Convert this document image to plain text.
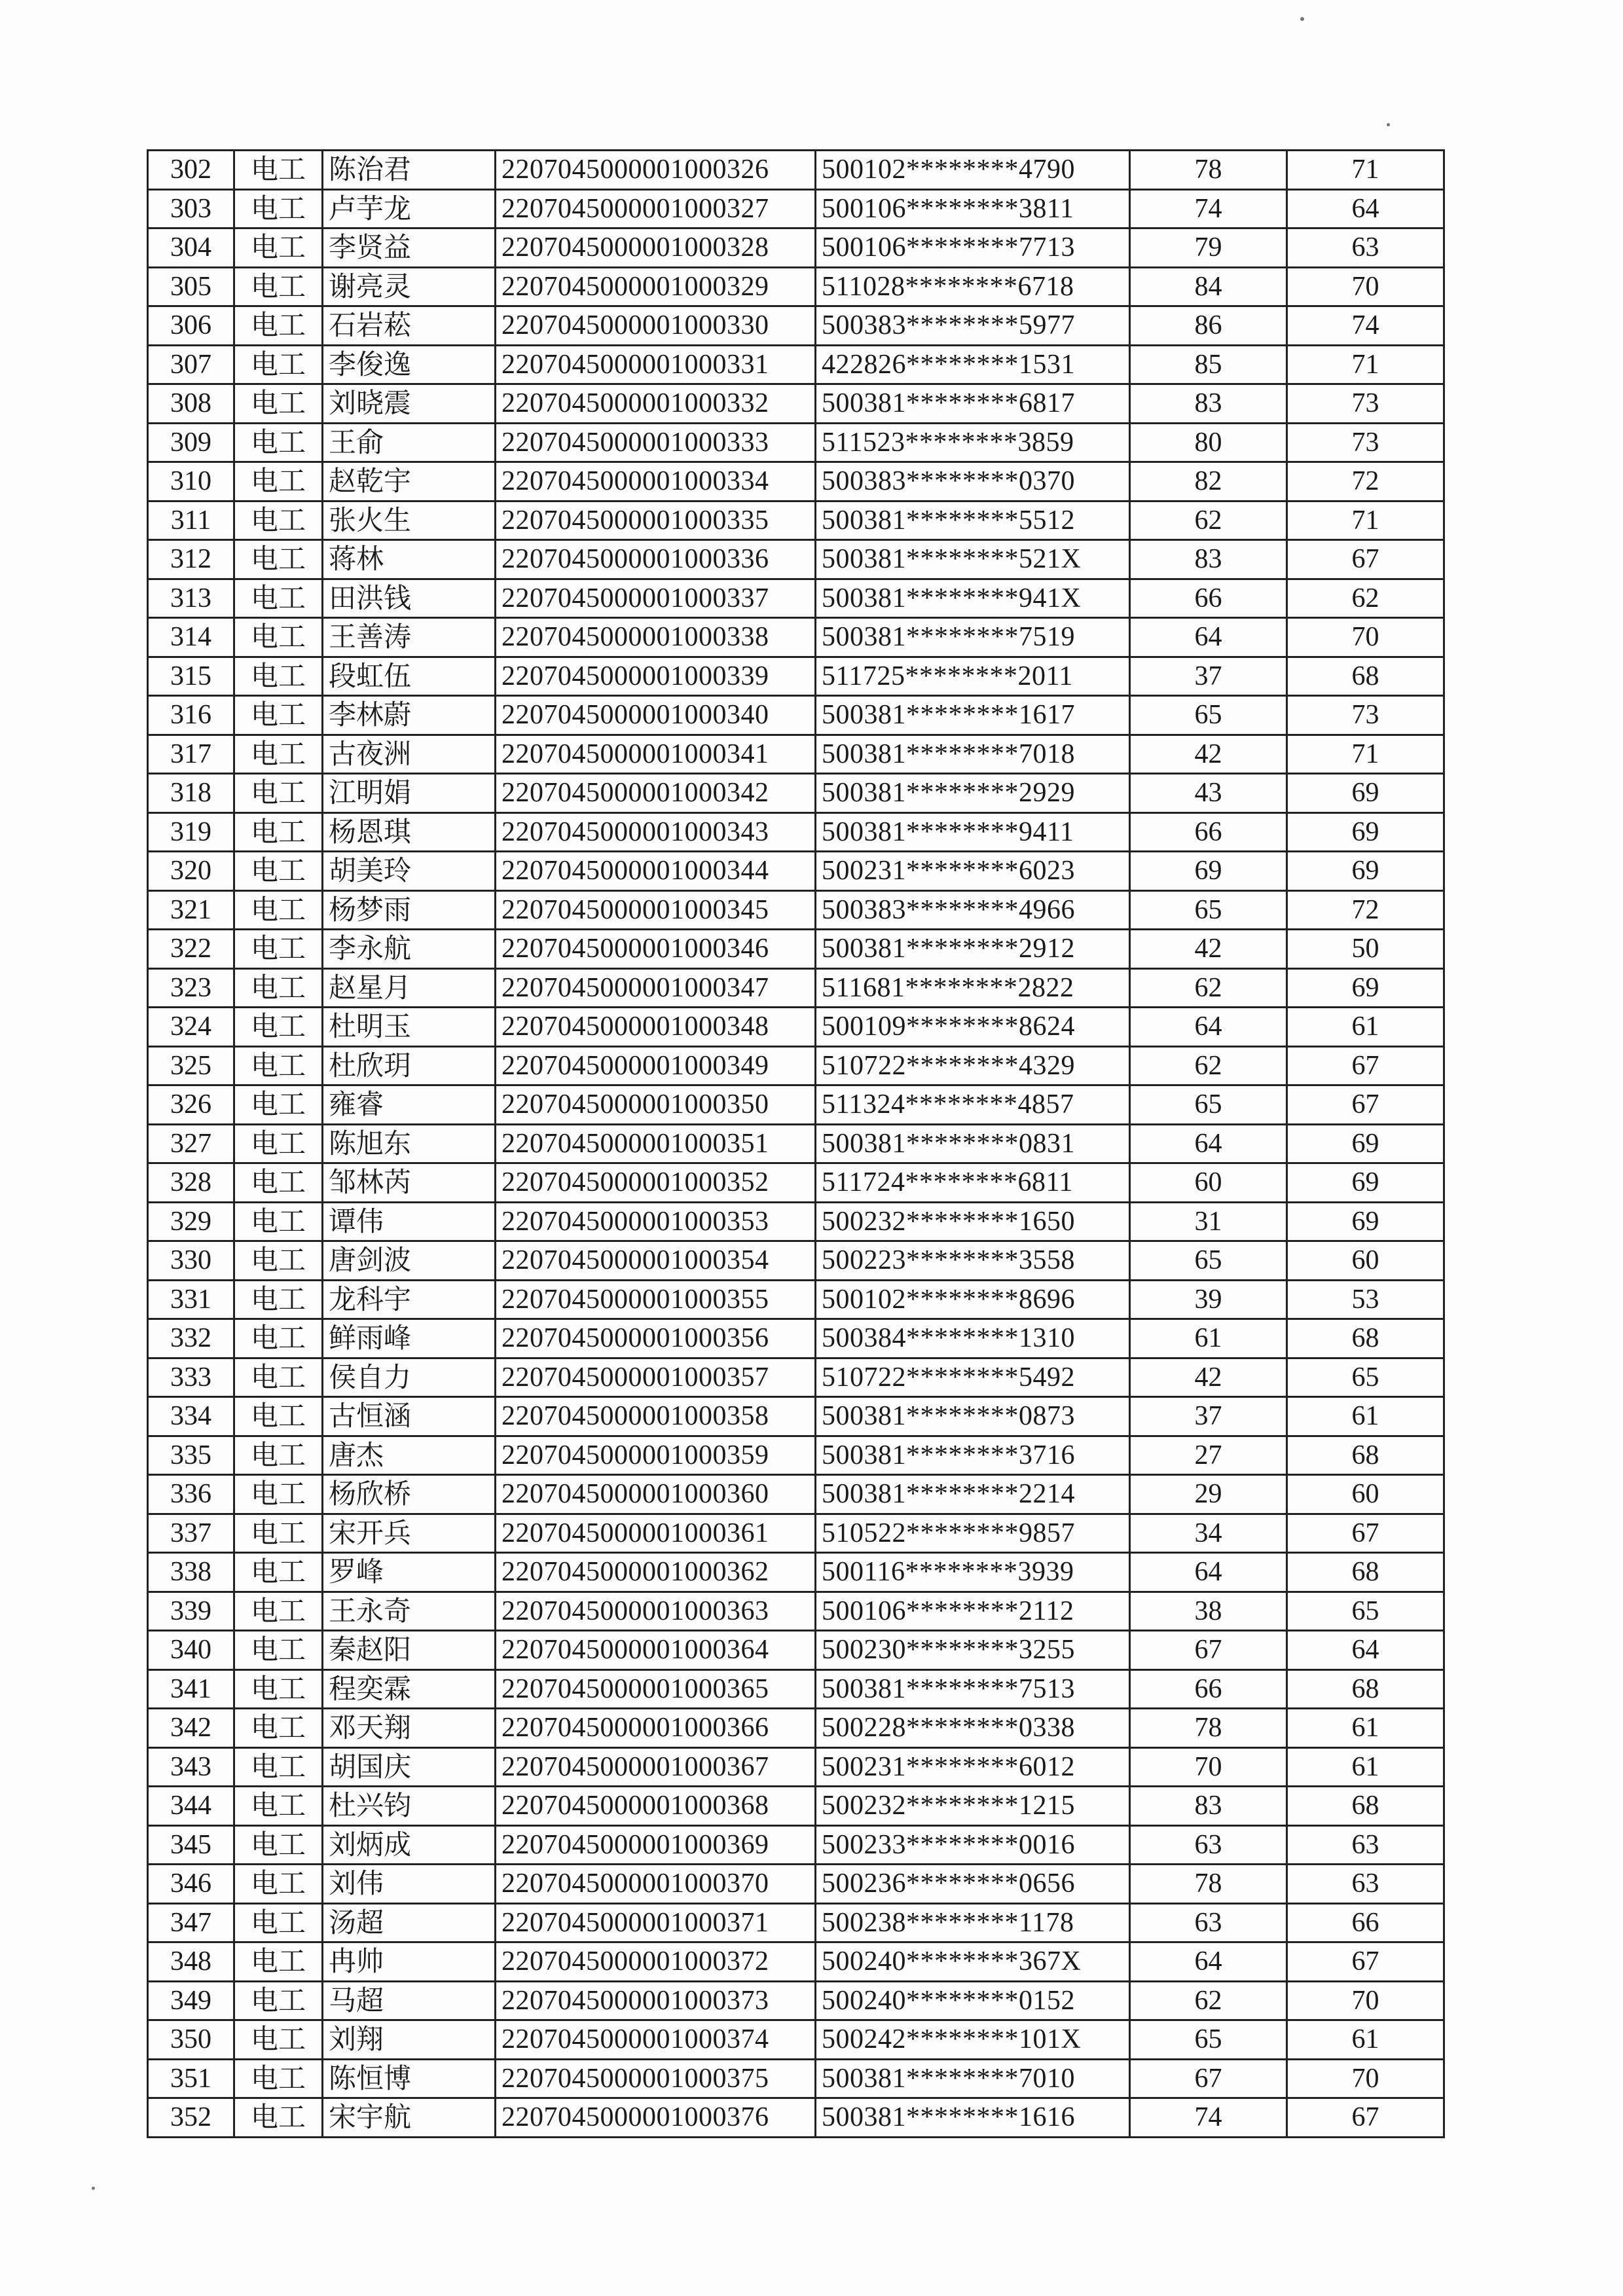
302	电工	陈治君	2207045000001000326	500102********4790	78	71
303	电工	卢芋龙	2207045000001000327	500106********3811	74	64
304	电工	李贤益	2207045000001000328	500106********7713	79	63
305	电工	谢亮灵	2207045000001000329	511028********6718	84	70
306	电工	石岩菘	2207045000001000330	500383********5977	86	74
307	电工	李俊逸	2207045000001000331	422826********1531	85	71
308	电工	刘晓震	2207045000001000332	500381********6817	83	73
309	电工	王俞	2207045000001000333	511523********3859	80	73
310	电工	赵乾宇	2207045000001000334	500383********0370	82	72
311	电工	张火生	2207045000001000335	500381********5512	62	71
312	电工	蒋林	2207045000001000336	500381********521X	83	67
313	电工	田洪钱	2207045000001000337	500381********941X	66	62
314	电工	王善涛	2207045000001000338	500381********7519	64	70
315	电工	段虹伍	2207045000001000339	511725********2011	37	68
316	电工	李林蔚	2207045000001000340	500381********1617	65	73
317	电工	古夜洲	2207045000001000341	500381********7018	42	71
318	电工	江明娟	2207045000001000342	500381********2929	43	69
319	电工	杨恩琪	2207045000001000343	500381********9411	66	69
320	电工	胡美玲	2207045000001000344	500231********6023	69	69
321	电工	杨梦雨	2207045000001000345	500383********4966	65	72
322	电工	李永航	2207045000001000346	500381********2912	42	50
323	电工	赵星月	2207045000001000347	511681********2822	62	69
324	电工	杜明玉	2207045000001000348	500109********8624	64	61
325	电工	杜欣玥	2207045000001000349	510722********4329	62	67
326	电工	雍睿	2207045000001000350	511324********4857	65	67
327	电工	陈旭东	2207045000001000351	500381********0831	64	69
328	电工	邹林芮	2207045000001000352	511724********6811	60	69
329	电工	谭伟	2207045000001000353	500232********1650	31	69
330	电工	唐剑波	2207045000001000354	500223********3558	65	60
331	电工	龙科宇	2207045000001000355	500102********8696	39	53
332	电工	鲜雨峰	2207045000001000356	500384********1310	61	68
333	电工	侯自力	2207045000001000357	510722********5492	42	65
334	电工	古恒涵	2207045000001000358	500381********0873	37	61
335	电工	唐杰	2207045000001000359	500381********3716	27	68
336	电工	杨欣桥	2207045000001000360	500381********2214	29	60
337	电工	宋开兵	2207045000001000361	510522********9857	34	67
338	电工	罗峰	2207045000001000362	500116********3939	64	68
339	电工	王永奇	2207045000001000363	500106********2112	38	65
340	电工	秦赵阳	2207045000001000364	500230********3255	67	64
341	电工	程奕霖	2207045000001000365	500381********7513	66	68
342	电工	邓天翔	2207045000001000366	500228********0338	78	61
343	电工	胡国庆	2207045000001000367	500231********6012	70	61
344	电工	杜兴钧	2207045000001000368	500232********1215	83	68
345	电工	刘炳成	2207045000001000369	500233********0016	63	63
346	电工	刘伟	2207045000001000370	500236********0656	78	63
347	电工	汤超	2207045000001000371	500238********1178	63	66
348	电工	冉帅	2207045000001000372	500240********367X	64	67
349	电工	马超	2207045000001000373	500240********0152	62	70
350	电工	刘翔	2207045000001000374	500242********101X	65	61
351	电工	陈恒博	2207045000001000375	500381********7010	67	70
352	电工	宋宇航	2207045000001000376	500381********1616	74	67
